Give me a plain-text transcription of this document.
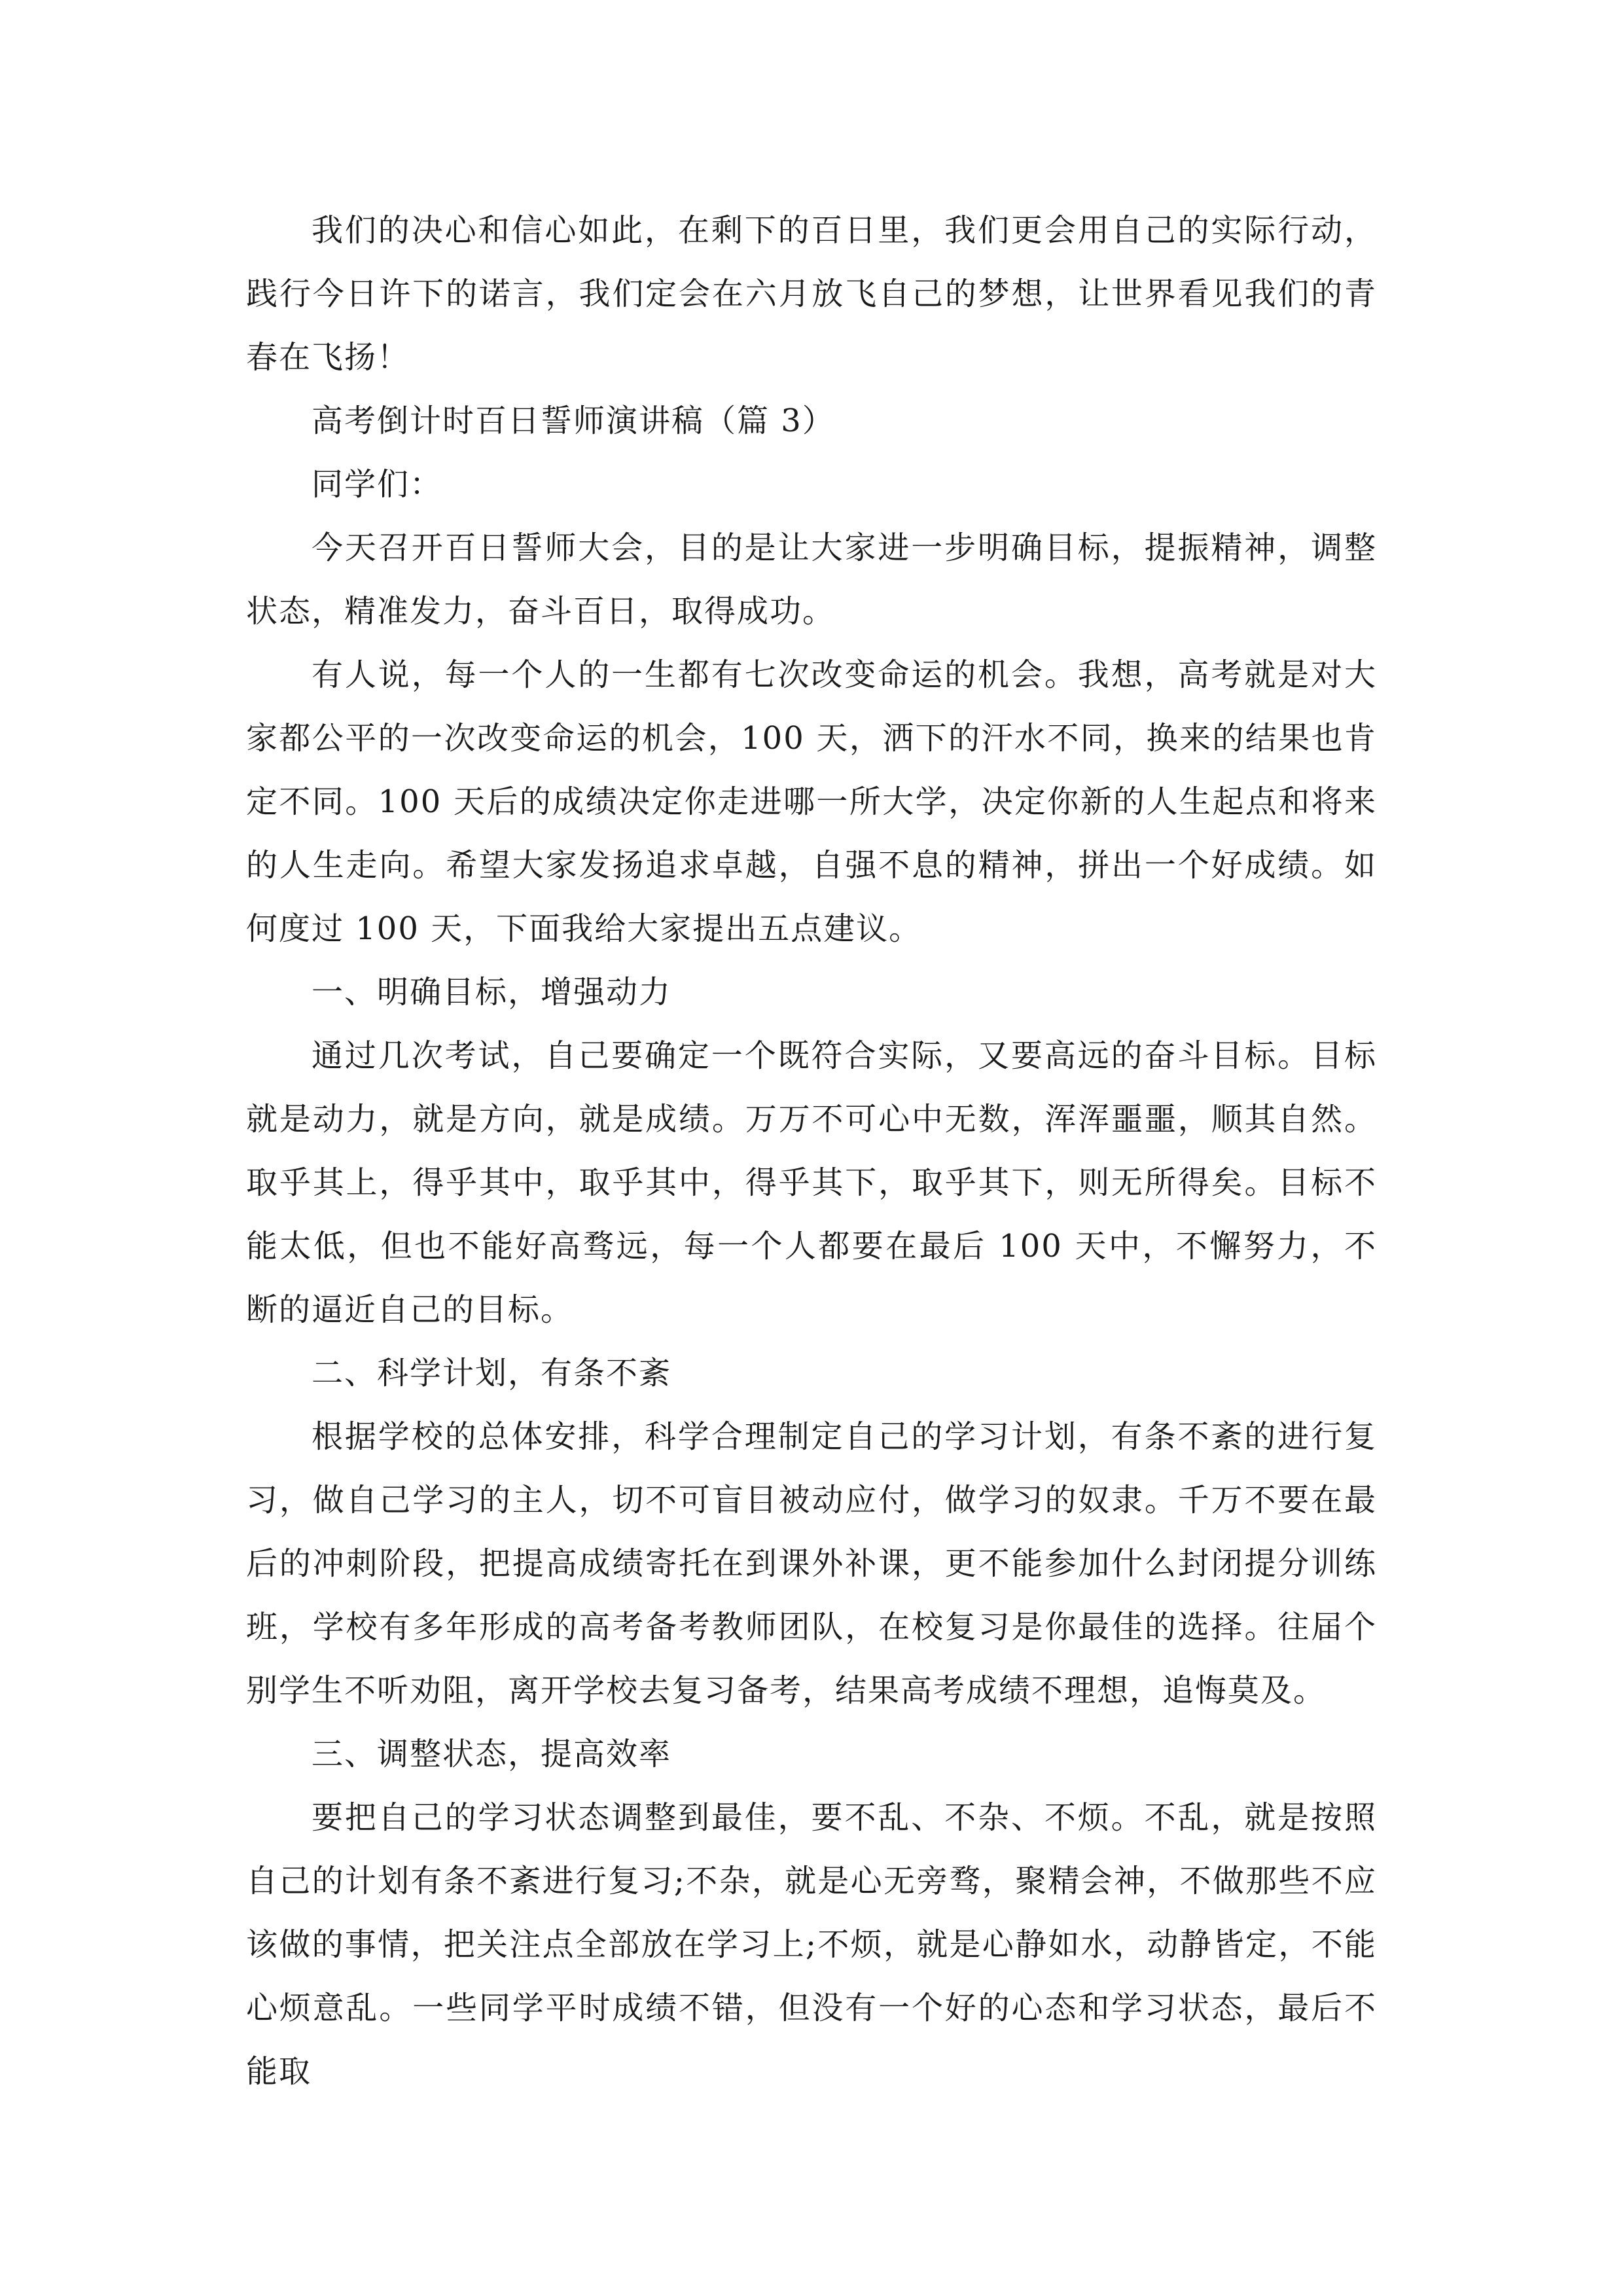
我们的决心和信心如此，在剩下的百日里，我们更会用自己的实际行动，践行今日许下的诺言，我们定会在六月放飞自己的梦想，让世界看见我们的青春在飞扬！

高考倒计时百日誓师演讲稿（篇 3）

同学们：

今天召开百日誓师大会，目的是让大家进一步明确目标，提振精神，调整状态，精准发力，奋斗百日，取得成功。

有人说，每一个人的一生都有七次改变命运的机会。我想，高考就是对大家都公平的一次改变命运的机会，100 天，洒下的汗水不同，换来的结果也肯定不同。100 天后的成绩决定你走进哪一所大学，决定你新的人生起点和将来的人生走向。希望大家发扬追求卓越，自强不息的精神，拼出一个好成绩。如何度过 100 天，下面我给大家提出五点建议。

一、明确目标，增强动力

通过几次考试，自己要确定一个既符合实际，又要高远的奋斗目标。目标就是动力，就是方向，就是成绩。万万不可心中无数，浑浑噩噩，顺其自然。取乎其上，得乎其中，取乎其中，得乎其下，取乎其下，则无所得矣。目标不能太低，但也不能好高骛远，每一个人都要在最后 100 天中，不懈努力，不断的逼近自己的目标。

二、科学计划，有条不紊

根据学校的总体安排，科学合理制定自己的学习计划，有条不紊的进行复习，做自己学习的主人，切不可盲目被动应付，做学习的奴隶。千万不要在最后的冲刺阶段，把提高成绩寄托在到课外补课，更不能参加什么封闭提分训练班，学校有多年形成的高考备考教师团队，在校复习是你最佳的选择。往届个别学生不听劝阻，离开学校去复习备考，结果高考成绩不理想，追悔莫及。

三、调整状态，提高效率

要把自己的学习状态调整到最佳，要不乱、不杂、不烦。不乱，就是按照自己的计划有条不紊进行复习;不杂，就是心无旁骛，聚精会神，不做那些不应该做的事情，把关注点全部放在学习上;不烦，就是心静如水，动静皆定，不能心烦意乱。一些同学平时成绩不错，但没有一个好的心态和学习状态，最后不能取
